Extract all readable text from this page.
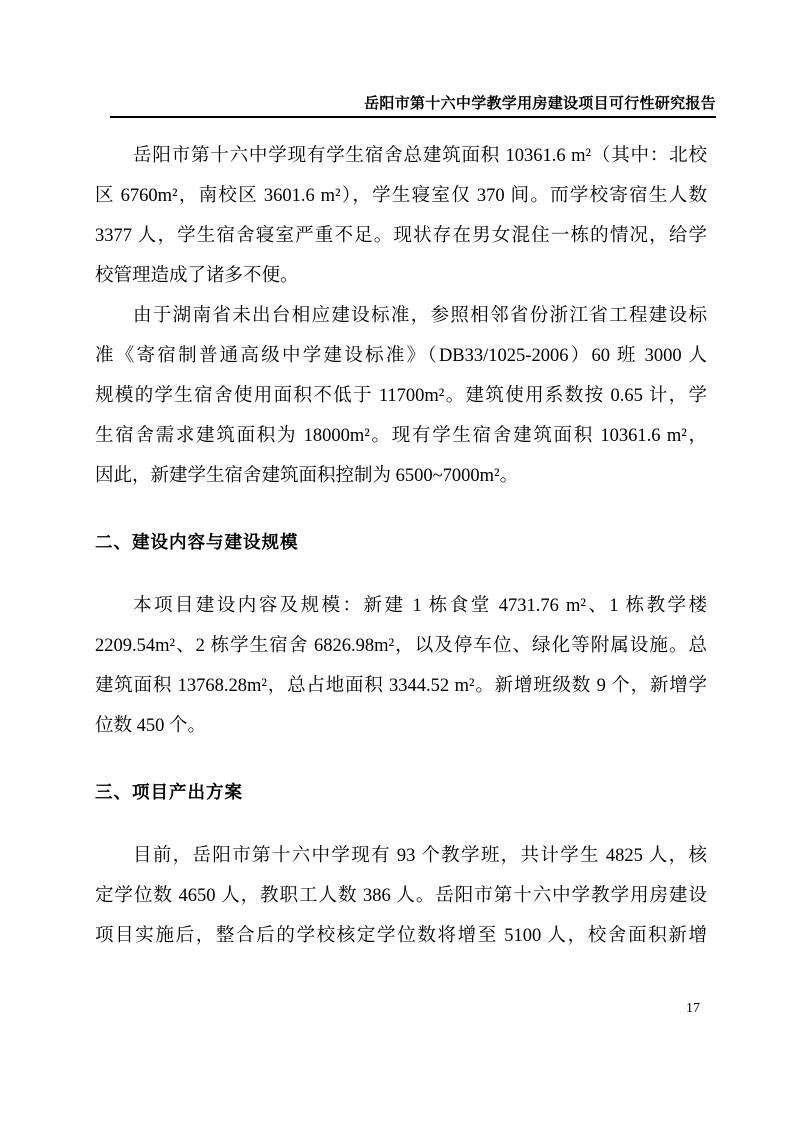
岳阳市第十六中学教学用房建设项目可行性研究报告

岳阳市第十六中学现有学生宿舍总建筑面积 10361.6 m²（其中：北校

区 6760m²，南校区 3601.6 m²），学生寝室仅 370 间。而学校寄宿生人数

3377 人，学生宿舍寝室严重不足。现状存在男女混住一栋的情况，给学

校管理造成了诸多不便。

由于湖南省未出台相应建设标准，参照相邻省份浙江省工程建设标

准《寄宿制普通高级中学建设标准》（DB33/1025-2006）60 班 3000 人

规模的学生宿舍使用面积不低于 11700m²。建筑使用系数按 0.65 计，学

生宿舍需求建筑面积为 18000m²。现有学生宿舍建筑面积 10361.6 m²，

因此，新建学生宿舍建筑面积控制为 6500~7000m²。

二、建设内容与建设规模

本项目建设内容及规模：新建 1 栋食堂 4731.76 m²、1 栋教学楼

2209.54m²、2 栋学生宿舍 6826.98m²，以及停车位、绿化等附属设施。总

建筑面积 13768.28m²，总占地面积 3344.52 m²。新增班级数 9 个，新增学

位数 450 个。

三、项目产出方案

目前，岳阳市第十六中学现有 93 个教学班，共计学生 4825 人，核

定学位数 4650 人，教职工人数 386 人。岳阳市第十六中学教学用房建设

项目实施后，整合后的学校核定学位数将增至 5100 人，校舍面积新增

17
